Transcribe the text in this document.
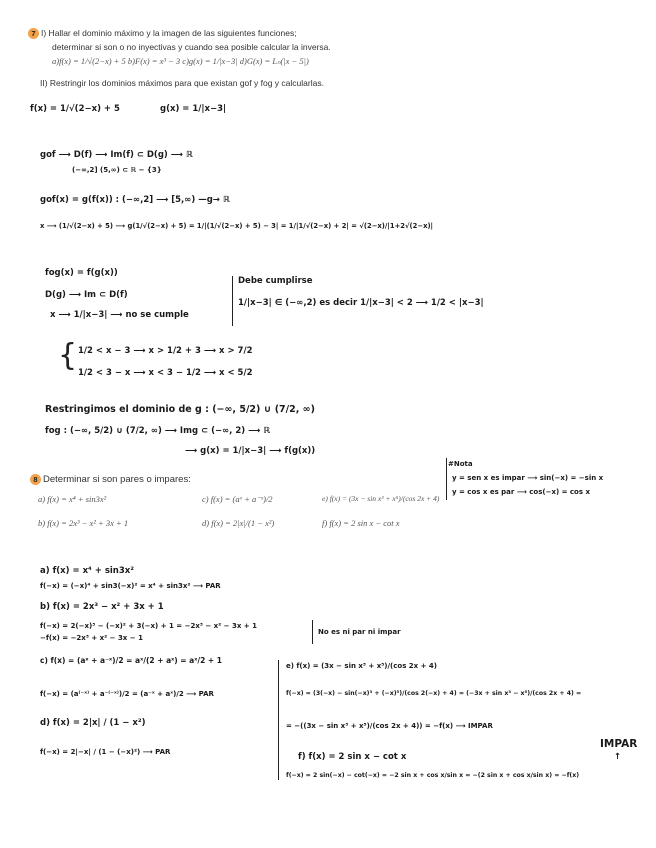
7 I) Hallar el dominio máximo y la imagen de las siguientes funciones;
determinar si son o no inyectivas y cuando sea posible calcular la inversa.
a)f(x) = 1/√(2−x) + 5 b)F(x) = x³ − 3 c)g(x) = 1/|x−3| d)G(x) = Lₙ(|x − 5|)
II) Restringir los dominios máximos para que existan gof y fog y calcularlas.
f(x) = 1/√(2−x) + 5	g(x) = 1/|x−3|
gof ⟶ D(f) ⟶ Im(f) ⊂ D(g) ⟶ ℝ
(−∞,2] (5,∞) ⊂ ℝ − {3}
gof(x) = g(f(x)) : (−∞,2] ⟶ [5,∞) —g→ ℝ
x ⟶ (1/√(2−x) + 5) ⟶ g(1/√(2−x) + 5) = 1/|(1/√(2−x) + 5) − 3| = 1/|1/√(2−x) + 2| = √(2−x)/|1+2√(2−x)|
fog(x) = f(g(x))
D(g) ⟶ Im ⊂ D(f)
x ⟶ 1/|x−3| ⟶ no se cumple
Debe cumplirse
1/|x−3| ∈ (−∞,2) es decir 1/|x−3| < 2 ⟶ 1/2 < |x−3|
{ 1/2 < x − 3 ⟶ x > 1/2 + 3 ⟶ x > 7/2
1/2 < 3 − x ⟶ x < 3 − 1/2 ⟶ x < 5/2
Restringimos el dominio de g : (−∞, 5/2) ∪ (7/2, ∞)
fog : (−∞, 5/2) ∪ (7/2, ∞) ⟶ Img ⊂ (−∞, 2) ⟶ ℝ
⟶ g(x) = 1/|x−3| ⟶ f(g(x))
8 Determinar si son pares o impares:
a) f(x) = x⁴ + sin3x²	c) f(x) = (aˣ + a⁻ˣ)/2	e) f(x) = (3x − sin x³ + x⁵)/(cos 2x + 4)
b) f(x) = 2x³ − x² + 3x + 1	d) f(x) = 2|x|/(1 − x²)	f) f(x) = 2 sin x − cot x
#Nota
y = sen x es impar ⟶ sin(−x) = −sin x
y = cos x es par ⟶ cos(−x) = cos x
a) f(x) = x⁴ + sin3x²
f(−x) = (−x)⁴ + sin3(−x)² = x⁴ + sin3x² ⟶ PAR
b) f(x) = 2x³ − x² + 3x + 1
f(−x) = 2(−x)³ − (−x)² + 3(−x) + 1 = −2x³ − x² − 3x + 1
−f(x) = −2x³ + x² − 3x − 1
No es ni par ni impar
c) f(x) = (aˣ + a⁻ˣ)/2 = aˣ/(2 + aˣ) = aˣ/2 + 1
f(−x) = (a⁽⁻ˣ⁾ + a⁻⁽⁻ˣ⁾)/2 = (a⁻ˣ + aˣ)/2 ⟶ PAR
d) f(x) = 2|x| / (1 − x²)
f(−x) = 2|−x| / (1 − (−x)²) ⟶ PAR
e) f(x) = (3x − sin x³ + x⁵)/(cos 2x + 4)
f(−x) = (3(−x) − sin(−x)³ + (−x)⁵)/(cos 2(−x) + 4) = (−3x + sin x³ − x⁵)/(cos 2x + 4) =
= −((3x − sin x³ + x⁵)/(cos 2x + 4)) = −f(x) ⟶ IMPAR
f) f(x) = 2 sin x − cot x
f(−x) = 2 sin(−x) − cot(−x) = −2 sin x + cos x/sin x = −(2 sin x + cos x/sin x) = −f(x)
IMPAR
↑
